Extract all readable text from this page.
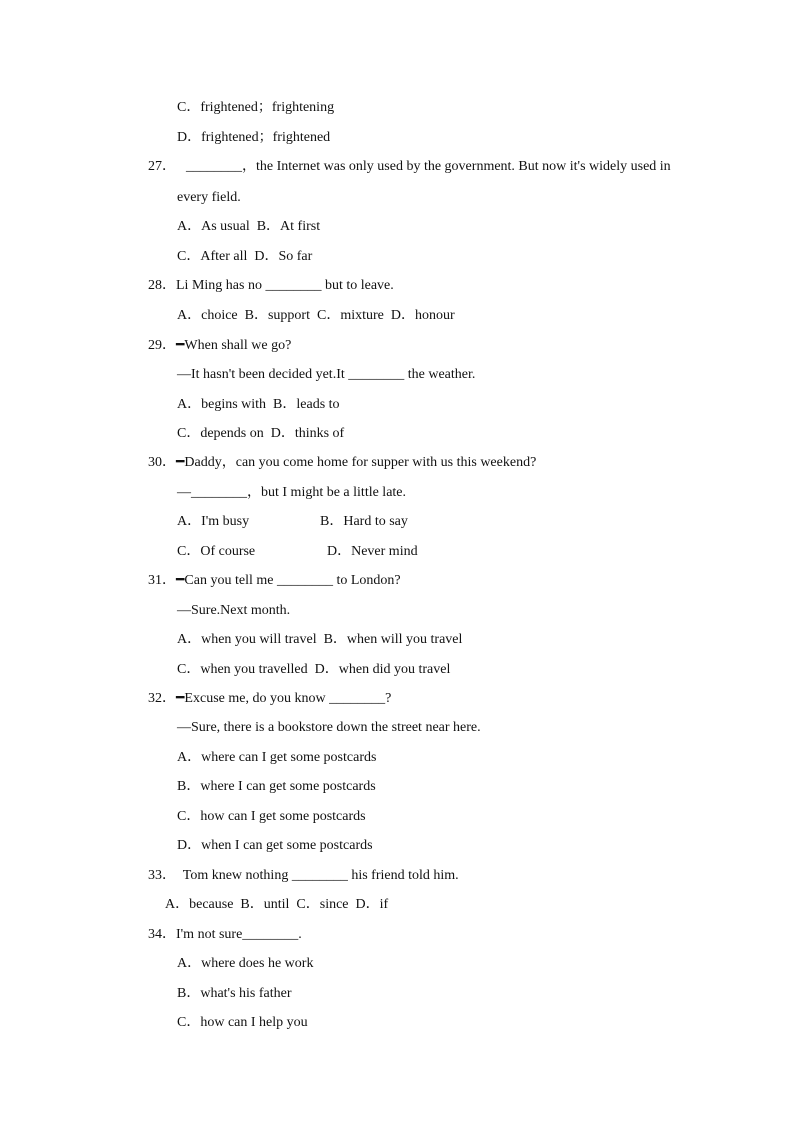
C．frightened；frightening
D．frightened；frightened
27． ________，the Internet was only used by the government. But now it's widely used in
every field.
A．As usual  B．At first
C．After all  D．So far
28．Li Ming has no ________ but to leave.
A．choice  B．support  C．mixture  D．honour
29．━When shall we go?
—It hasn't been decided yet.It ________ the weather.
A．begins with  B．leads to
C．depends on  D．thinks of
30．━Daddy，can you come home for supper with us this weekend?
—________，but I might be a little late.

A．I'm busy

	B．Hard to say

C．Of course

	D．Never mind

31．━Can you tell me ________ to London?
—Sure.Next month.
A．when you will travel  B．when will you travel
C．when you travelled  D．when did you travel
32．━Excuse me, do you know ________?
—Sure, there is a bookstore down the street near here.
A．where can I get some postcards
B．where I can get some postcards
C．how can I get some postcards
D．when I can get some postcards
33．  Tom knew nothing ________ his friend told him.
A．because  B．until  C．since  D．if
34．I'm not sure________.
A．where does he work
B．what's his father
C．how can I help you
